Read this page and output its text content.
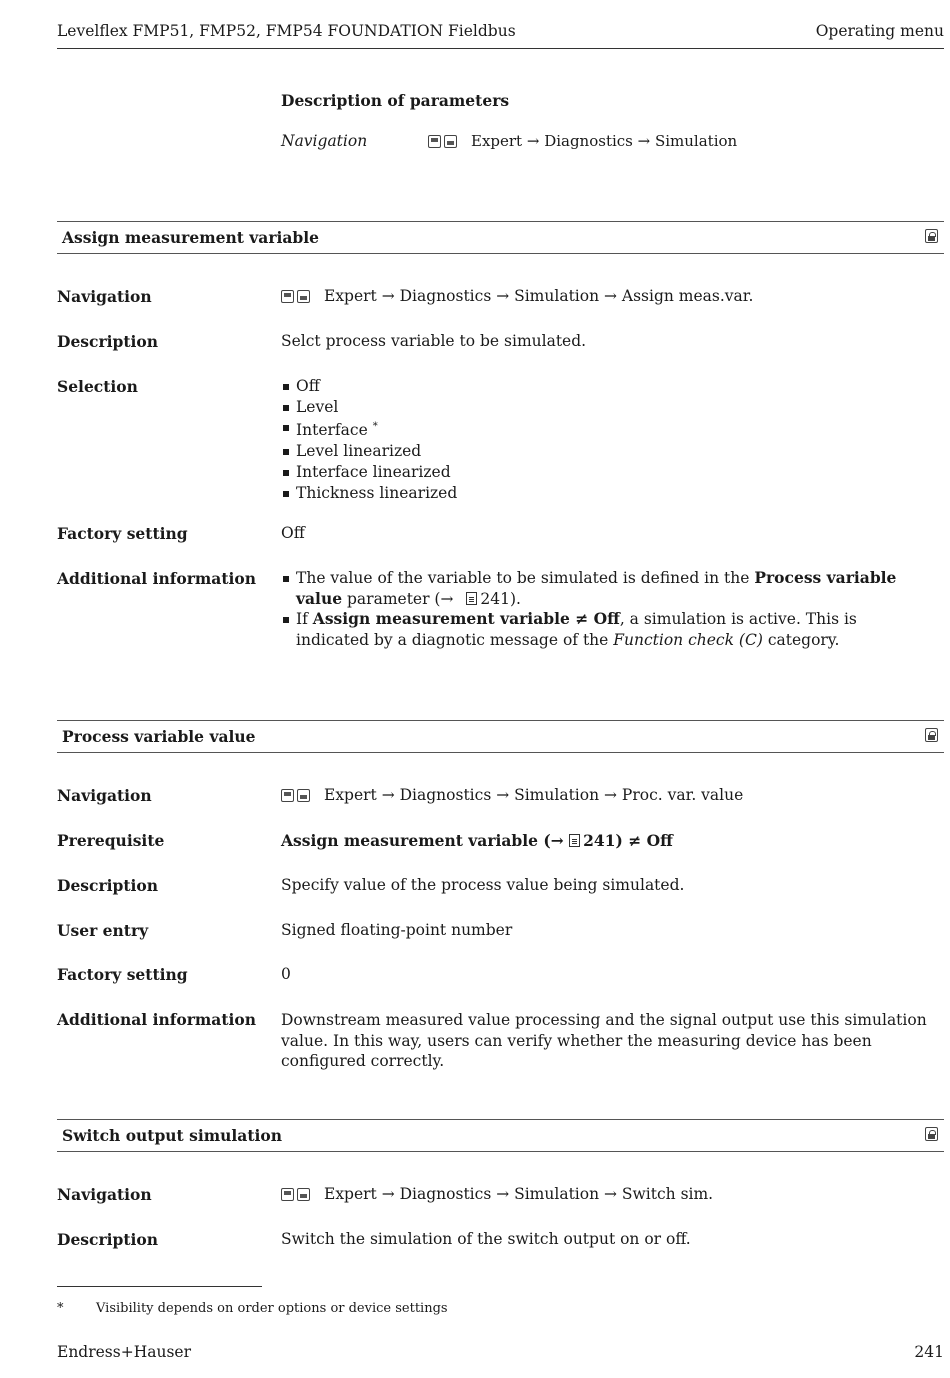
Levelflex FMP51, FMP52, FMP54 FOUNDATION Fieldbus	Operating menu
Description of parameters
Navigation	Expert → Diagnostics → Simulation
Assign measurement variable
Navigation	Expert → Diagnostics → Simulation → Assign meas.var.
Description	Selct process variable to be simulated.
Selection	Off
Level
Interface *
Level linearized
Interface linearized
Thickness linearized
Factory setting	Off
Additional information	The value of the variable to be simulated is defined in the Process variable value parameter (→ 241).
If Assign measurement variable ≠ Off, a simulation is active. This is indicated by a diagnotic message of the Function check (C) category.
Process variable value
Navigation	Expert → Diagnostics → Simulation → Proc. var. value
Prerequisite	Assign measurement variable (→ 241) ≠ Off
Description	Specify value of the process value being simulated.
User entry	Signed floating-point number
Factory setting	0
Additional information Downstream measured value processing and the signal output use this simulation value. In this way, users can verify whether the measuring device has been configured correctly.
Switch output simulation
Navigation	Expert → Diagnostics → Simulation → Switch sim.
Description	Switch the simulation of the switch output on or off.
*	Visibility depends on order options or device settings
Endress+Hauser	241
